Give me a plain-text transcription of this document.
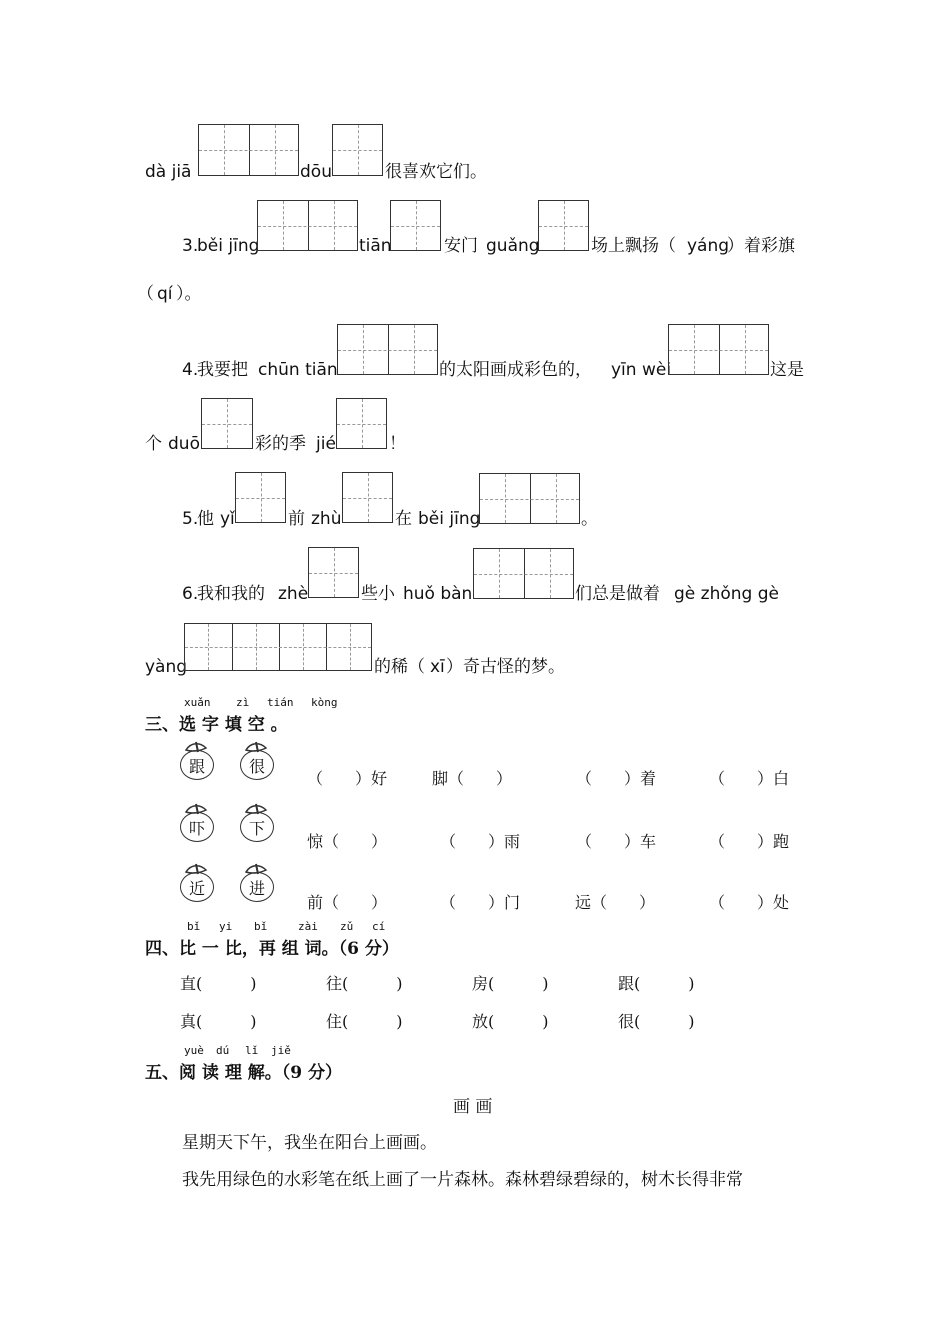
dà jiā	dōu	很喜欢它们。
3.
běi jīng	tiān	安门 guǎng	场上飘扬（ yáng
）着彩旗
（ qí ）。
4.
我要把 chūn tiān	的太阳画成彩色的， yīn wèi	这是
个 duō	彩的季 jié	！
5.
他 yǐ	前 zhù	在 běi jīng	。
6.
我和我的 zhè	些小 huǒ bàn	们总是做着 gè zhǒng gè
yàng	的稀（ xī ）奇古怪的梦。
xuǎn zì tián kòng
三、选 字 填 空 。
跟	很
（　　）好	脚（　　）	（　　）着	（　　）白
吓	下
惊（　　）	（　　）雨	（　　）车	（　　）跑
近	进
前（　　）	（　　）门	远（　　）	（　　）处
bǐ yi bǐ	zài zǔ cí
四、比 一 比，再 组 词。（6 分）
直(　　　)	往(　　　)	房(　　　)	跟(　　　)
真(　　　)	住(　　　)	放(　　　)	很(　　　)
yuè dú lǐ jiě
五、阅 读 理 解。（9 分）
画 画
星期天下午，我坐在阳台上画画。
我先用绿色的水彩笔在纸上画了一片森林。森林碧绿碧绿的，树木长得非常
